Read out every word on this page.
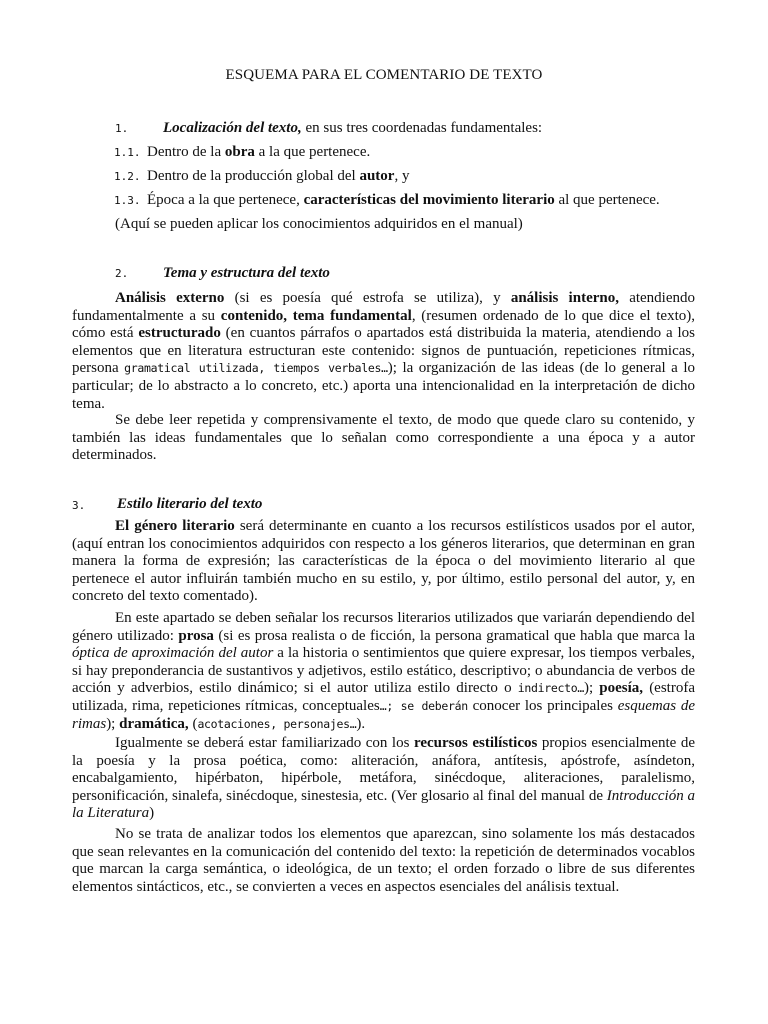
ESQUEMA PARA EL COMENTARIO DE TEXTO
1. Localización del texto, en sus tres coordenadas fundamentales:
1.1. Dentro de la obra a la que pertenece.
1.2. Dentro de la producción global del autor, y
1.3. Época a la que pertenece, características del movimiento literario al que pertenece.
(Aquí se pueden aplicar los conocimientos adquiridos en el manual)
2. Tema y estructura del texto

Análisis externo (si es poesía qué estrofa se utiliza), y análisis interno, atendiendo fundamentalmente a su contenido, tema fundamental, (resumen ordenado de lo que dice el texto), cómo está estructurado (en cuantos párrafos o apartados está distribuida la materia, atendiendo a los elementos que en literatura estructuran este contenido: signos de puntuación, repeticiones rítmicas, persona gramatical utilizada, tiempos verbales…); la organización de las ideas (de lo general a lo particular; de lo abstracto a lo concreto, etc.) aporta una intencionalidad en la interpretación de dicho tema.

Se debe leer repetida y comprensivamente el texto, de modo que quede claro su contenido, y también las ideas fundamentales que lo señalan como correspondiente a una época y a autor determinados.

3. Estilo literario del texto

El género literario será determinante en cuanto a los recursos estilísticos usados por el autor,(aquí entran los conocimientos adquiridos con respecto a los géneros literarios, que determinan en gran manera la forma de expresión; las características de la época o del movimiento literario al que pertenece el autor influirán también mucho en su estilo, y, por último, estilo personal del autor, y, en concreto del texto comentado).

En este apartado se deben señalar los recursos literarios utilizados que variarán dependiendo del género utilizado: prosa (si es prosa realista o de ficción, la persona gramatical que habla que marca la óptica de aproximación del autor a la historia o sentimientos que quiere expresar, los tiempos verbales, si hay preponderancia de sustantivos y adjetivos, estilo estático, descriptivo; o abundancia de verbos de acción y adverbios, estilo dinámico; si el autor utiliza estilo directo o indirecto…); poesía, (estrofa utilizada, rima, repeticiones rítmicas, conceptuales…; se deberán conocer los principales esquemas de rimas); dramática, (acotaciones, personajes…).

Igualmente se deberá estar familiarizado con los recursos estilísticos propios esencialmente de la poesía y la prosa poética, como: aliteración, anáfora, antítesis, apóstrofe, asíndeton, encabalgamiento, hipérbaton, hipérbole, metáfora, sinécdoque, aliteraciones, paralelismo, personificación, sinalefa, sinécdoque, sinestesia, etc. (Ver glosario al final del manual de Introducción a la Literatura)

No se trata de analizar todos los elementos que aparezcan, sino solamente los más destacados que sean relevantes en la comunicación del contenido del texto: la repetición de determinados vocablos que marcan la carga semántica, o ideológica, de un texto; el orden forzado o libre de sus diferentes elementos sintácticos, etc., se convierten a veces en aspectos esenciales del análisis textual.
